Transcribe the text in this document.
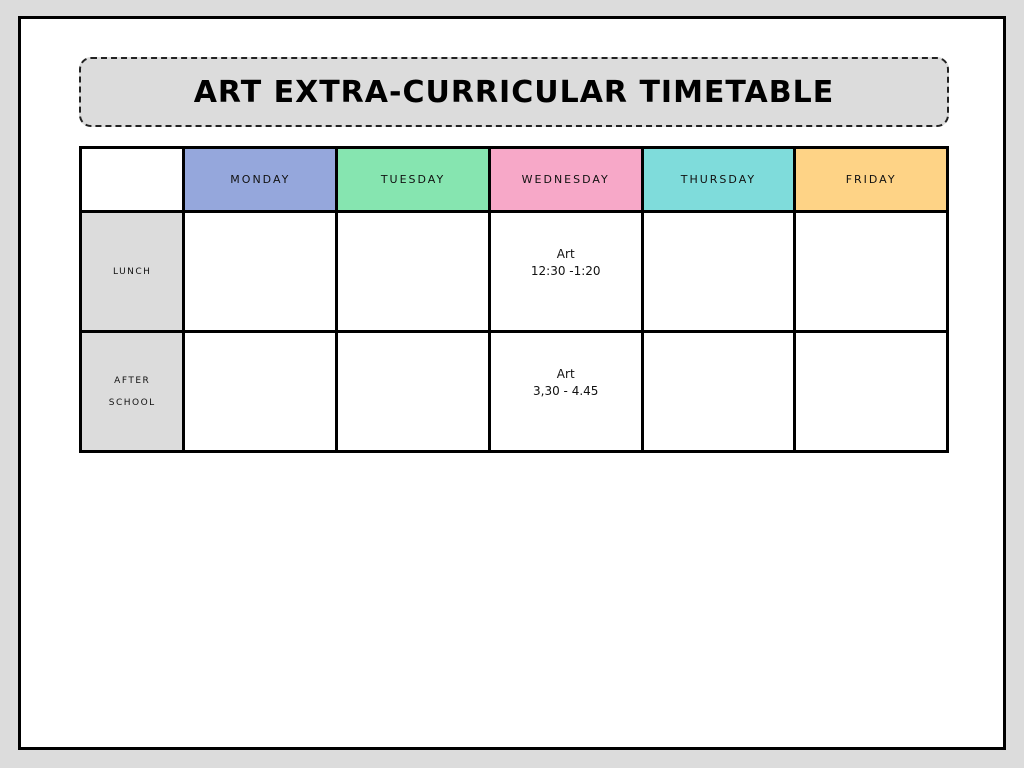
ART EXTRA-CURRICULAR TIMETABLE
	MONDAY	TUESDAY	WEDNESDAY	THURSDAY	FRIDAY

LUNCH			Art
12:30 -1:20		

AFTER
SCHOOL			Art
3,30 - 4.45		
